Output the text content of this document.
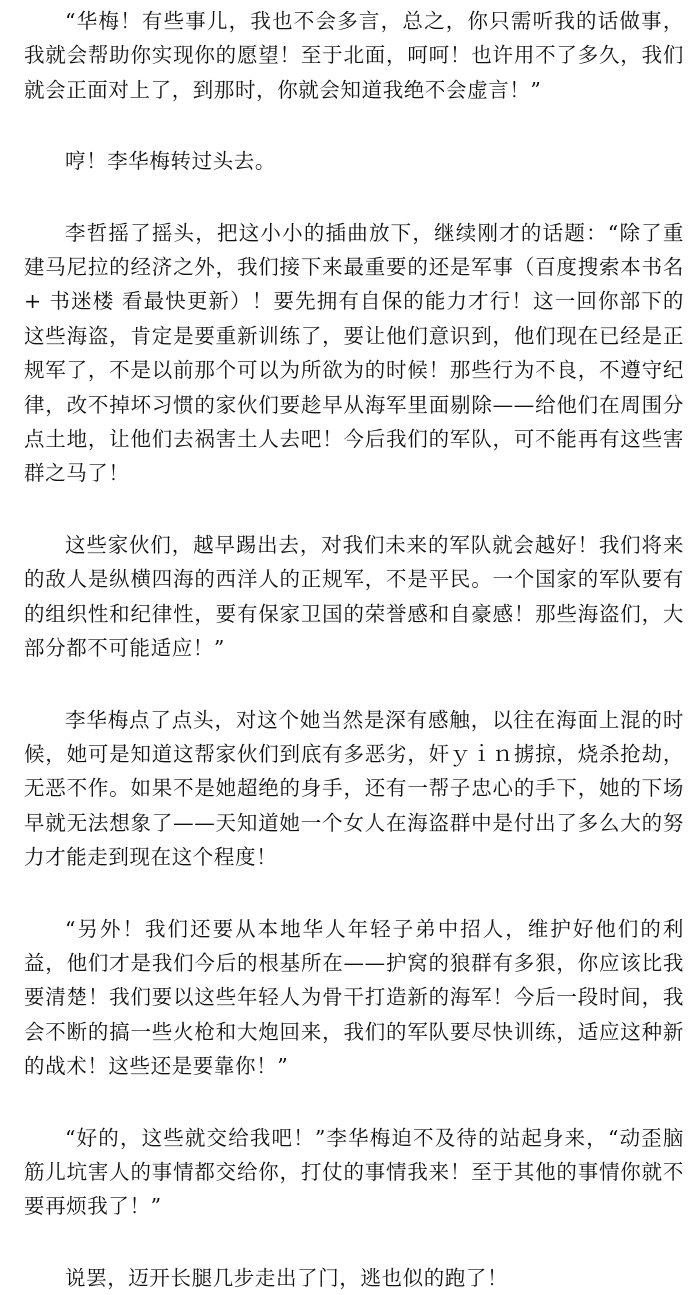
“华梅！有些事儿，我也不会多言，总之，你只需听我的话做事，我就会帮助你实现你的愿望！至于北面，呵呵！也许用不了多久，我们就会正面对上了，到那时，你就会知道我绝不会虚言！”

哼！李华梅转过头去。

李哲摇了摇头，把这小小的插曲放下，继续刚才的话题：“除了重建马尼拉的经济之外，我们接下来最重要的还是军事（百度搜索本书名+ 书迷楼 看最快更新）！要先拥有自保的能力才行！这一回你部下的这些海盗，肯定是要重新训练了，要让他们意识到，他们现在已经是正规军了，不是以前那个可以为所欲为的时候！那些行为不良，不遵守纪律，改不掉坏习惯的家伙们要趁早从海军里面剔除——给他们在周围分点土地，让他们去祸害土人去吧！今后我们的军队，可不能再有这些害群之马了！

这些家伙们，越早踢出去，对我们未来的军队就会越好！我们将来的敌人是纵横四海的西洋人的正规军，不是平民。一个国家的军队要有的组织性和纪律性，要有保家卫国的荣誉感和自豪感！那些海盗们，大部分都不可能适应！”

李华梅点了点头，对这个她当然是深有感触，以往在海面上混的时候，她可是知道这帮家伙们到底有多恶劣，奸ｙｉｎ掳掠，烧杀抢劫，无恶不作。如果不是她超绝的身手，还有一帮子忠心的手下，她的下场早就无法想象了——天知道她一个女人在海盗群中是付出了多么大的努力才能走到现在这个程度！

“另外！我们还要从本地华人年轻子弟中招人，维护好他们的利益，他们才是我们今后的根基所在——护窝的狼群有多狠，你应该比我要清楚！我们要以这些年轻人为骨干打造新的海军！今后一段时间，我会不断的搞一些火枪和大炮回来，我们的军队要尽快训练，适应这种新的战术！这些还是要靠你！”

“好的，这些就交给我吧！”李华梅迫不及待的站起身来，“动歪脑筋儿坑害人的事情都交给你，打仗的事情我来！至于其他的事情你就不要再烦我了！”

说罢，迈开长腿几步走出了门，逃也似的跑了！
